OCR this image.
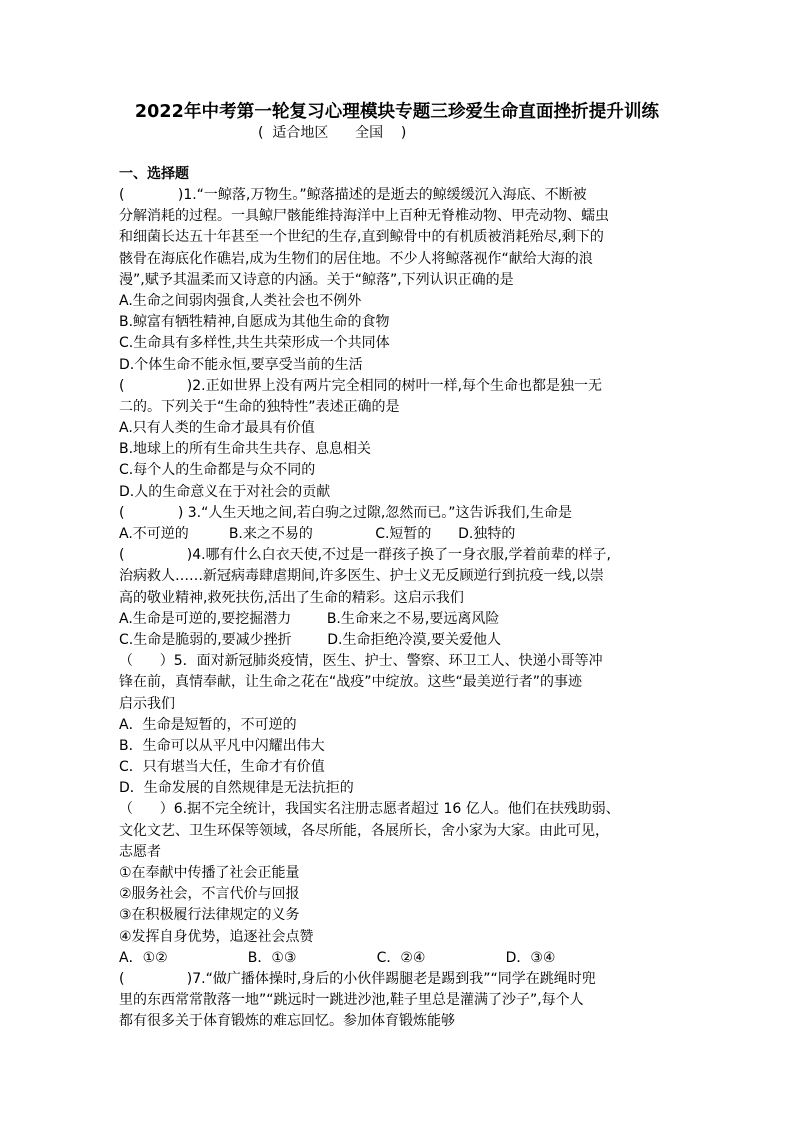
2022年中考第一轮复习心理模块专题三珍爱生命直面挫折提升训练
(  适合地区      全国    )
一、选择题
(            )1.“一鲸落,万物生。”鲸落描述的是逝去的鲸缓缓沉入海底、不断被
分解消耗的过程。一具鲸尸骸能维持海洋中上百种无脊椎动物、甲壳动物、蠕虫
和细菌长达五十年甚至一个世纪的生存,直到鲸骨中的有机质被消耗殆尽,剩下的
骸骨在海底化作礁岩,成为生物们的居住地。不少人将鲸落视作“献给大海的浪
漫”,赋予其温柔而又诗意的内涵。关于“鲸落”,下列认识正确的是
A.生命之间弱肉强食,人类社会也不例外
B.鲸富有牺牲精神,自愿成为其他生命的食物
C.生命具有多样性,共生共荣形成一个共同体
D.个体生命不能永恒,要享受当前的生活
(              )2.正如世界上没有两片完全相同的树叶一样,每个生命也都是独一无
二的。下列关于“生命的独特性”表述正确的是
A.只有人类的生命才最具有价值
B.地球上的所有生命共生共存、息息相关
C.每个人的生命都是与众不同的
D.人的生命意义在于对社会的贡献
(            ) 3.“人生天地之间,若白驹之过隙,忽然而已。”这告诉我们,生命是
A.不可逆的         B.来之不易的              C.短暂的      D.独特的
(              )4.哪有什么白衣天使,不过是一群孩子换了一身衣服,学着前辈的样子,
治病救人……新冠病毒肆虐期间,许多医生、护士义无反顾逆行到抗疫一线,以崇
高的敬业精神,救死扶伤,活出了生命的精彩。这启示我们
A.生命是可逆的,要挖掘潜力        B.生命来之不易,要远离风险
C.生命是脆弱的,要减少挫折        D.生命拒绝冷漠,要关爱他人
（      ）5．面对新冠肺炎疫情，医生、护士、警察、环卫工人、快递小哥等冲
锋在前，真情奉献，让生命之花在“战疫”中绽放。这些“最美逆行者”的事迹
启示我们
A．生命是短暂的，不可逆的
B．生命可以从平凡中闪耀出伟大
C．只有堪当大任，生命才有价值
D．生命发展的自然规律是无法抗拒的
（      ）6.据不完全统计，我国实名注册志愿者超过 16 亿人。他们在扶残助弱、
文化文艺、卫生环保等领域，各尽所能，各展所长，舍小家为大家。由此可见，
志愿者
①在奉献中传播了社会正能量
②服务社会，不言代价与回报
③在积极履行法律规定的义务
④发挥自身优势，追逐社会点赞
A．①②                  B．①③                  C．②④                  D．③④
(              )7.“做广播体操时,身后的小伙伴踢腿老是踢到我”“同学在跳绳时兜
里的东西常常散落一地”“跳远时一跳进沙池,鞋子里总是灌满了沙子”,每个人
都有很多关于体育锻炼的难忘回忆。参加体育锻炼能够
